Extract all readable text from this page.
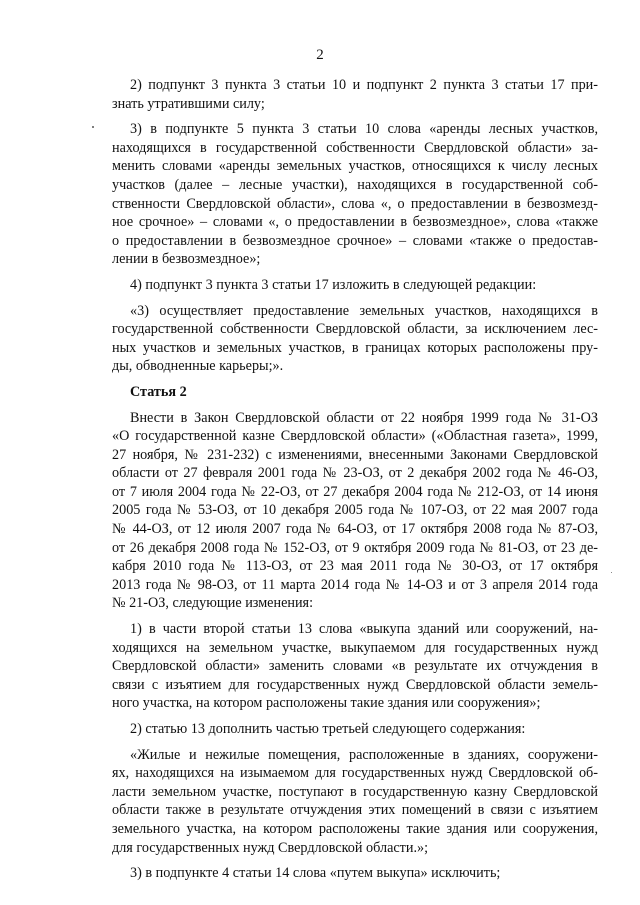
2
2) подпункт 3 пункта 3 статьи 10 и подпункт 2 пункта 3 статьи 17 при-
знать утратившими силу;
3) в подпункте 5 пункта 3 статьи 10 слова «аренды лесных участков,
находящихся в государственной собственности Свердловской области» за-
менить словами «аренды земельных участков, относящихся к числу лесных
участков (далее – лесные участки), находящихся в государственной соб-
ственности Свердловской области», слова «, о предоставлении в безвозмезд-
ное срочное» – словами «, о предоставлении в безвозмездное», слова «также
о предоставлении в безвозмездное срочное» – словами «также о предостав-
лении в безвозмездное»;
4) подпункт 3 пункта 3 статьи 17 изложить в следующей редакции:
«3) осуществляет предоставление земельных участков, находящихся в
государственной собственности Свердловской области, за исключением лес-
ных участков и земельных участков, в границах которых расположены пру-
ды, обводненные карьеры;».
Статья 2
Внести в Закон Свердловской области от 22 ноября 1999 года № 31-ОЗ
«О государственной казне Свердловской области» («Областная газета», 1999,
27 ноября, № 231-232) с изменениями, внесенными Законами Свердловской
области от 27 февраля 2001 года № 23-ОЗ, от 2 декабря 2002 года № 46-ОЗ,
от 7 июля 2004 года № 22-ОЗ, от 27 декабря 2004 года № 212-ОЗ, от 14 июня
2005 года № 53-ОЗ, от 10 декабря 2005 года № 107-ОЗ, от 22 мая 2007 года
№ 44-ОЗ, от 12 июля 2007 года № 64-ОЗ, от 17 октября 2008 года № 87-ОЗ,
от 26 декабря 2008 года № 152-ОЗ, от 9 октября 2009 года № 81-ОЗ, от 23 де-
кабря 2010 года № 113-ОЗ, от 23 мая 2011 года № 30-ОЗ, от 17 октября
2013 года № 98-ОЗ, от 11 марта 2014 года № 14-ОЗ и от 3 апреля 2014 года
№ 21-ОЗ, следующие изменения:
1) в части второй статьи 13 слова «выкупа зданий или сооружений, на-
ходящихся на земельном участке, выкупаемом для государственных нужд
Свердловской области» заменить словами «в результате их отчуждения в
связи с изъятием для государственных нужд Свердловской области земель-
ного участка, на котором расположены такие здания или сооружения»;
2) статью 13 дополнить частью третьей следующего содержания:
«Жилые и нежилые помещения, расположенные в зданиях, сооружени-
ях, находящихся на изымаемом для государственных нужд Свердловской об-
ласти земельном участке, поступают в государственную казну Свердловской
области также в результате отчуждения этих помещений в связи с изъятием
земельного участка, на котором расположены такие здания или сооружения,
для государственных нужд Свердловской области.»;
3) в подпункте 4 статьи 14 слова «путем выкупа» исключить;
